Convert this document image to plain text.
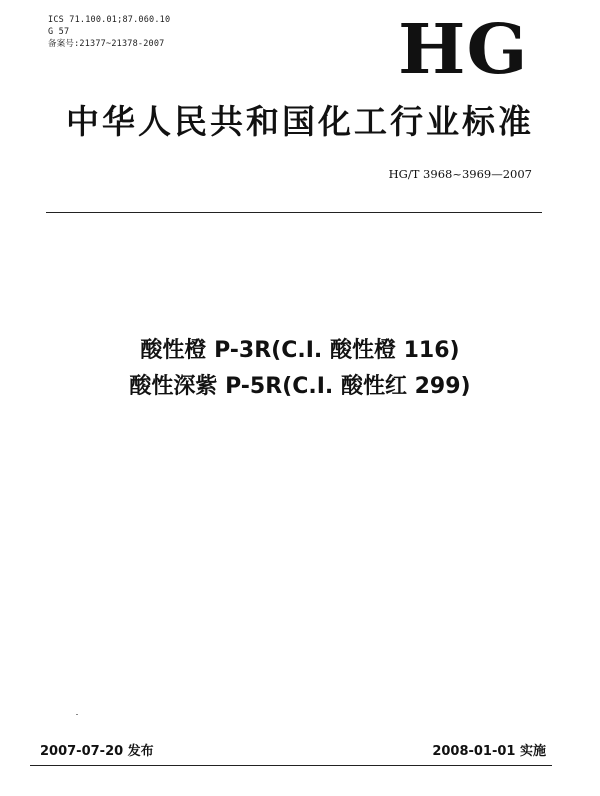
ICS 71.100.01;87.060.10
G 57
备案号:21377~21378-2007	HG
中华人民共和国化工行业标准
HG/T 3968~3969—2007
酸性橙 P-3R(C.I. 酸性橙 116)
酸性深紫 P-5R(C.I. 酸性红 299)
2007-07-20 发布	2008-01-01 实施
